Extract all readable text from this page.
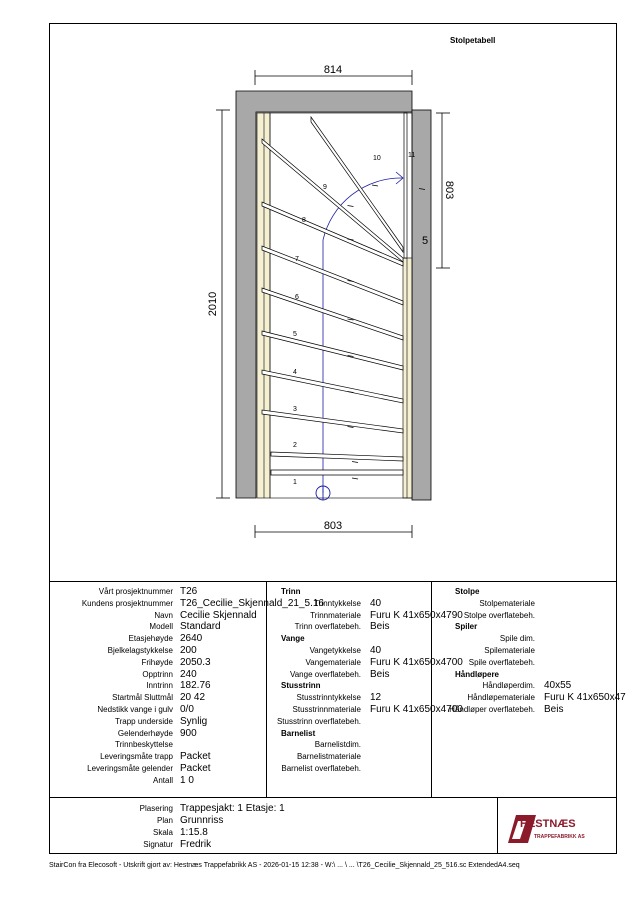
Stolpetabell
814
803
2010
803
1
2
3
4
5
6
7
8
9
10	11
5
Vårt prosjektnummer T26
Kundens prosjektnummer T26_Cecilie_Skjennald_21_5.16
Navn Cecilie Skjennald
Modell Standard
Etasjehøyde 2640
Bjelkelagstykkelse 200
Frihøyde 2050.3
Opptrinn 240
Inntrinn 182.76
Startmål Sluttmål 20 42
Nedstikk vange i gulv 0/0
Trapp underside Synlig
Gelenderhøyde 900
Trinnbeskyttelse
Leveringsmåte trapp Packet
Leveringsmåte gelender Packet
Antall 1 0
Trinn
Trinntykkelse 40
Trinnmateriale Furu K 41x650x4790
Trinn overflatebeh. Beis
Vange
Vangetykkelse 40
Vangemateriale Furu K 41x650x4700
Vange overflatebeh. Beis
Stusstrinn
Stusstrinntykkelse 12
Stusstrinnmateriale Furu K 41x650x4700
Stusstrinn overflatebeh.
Barnelist
Barnelistdim.
Barnelistmateriale
Barnelist overflatebeh.
Stolpe
Stolpemateriale
Stolpe overflatebeh.
Spiler
Spile dim.
Spilemateriale
Spile overflatebeh.
Håndløpere
Håndløperdim. 40x55
Håndløpemateriale Furu K 41x650x47
Håndløper overflatebeh. Beis
Plasering Trappesjakt: 1 Etasje: 1
Plan Grunnriss
Skala 1:15.8
Signatur Fredrik
HESTNÆS
TRAPPEFABRIKK AS
StairCon fra Elecosoft - Utskrift gjort av: Hestnæs Trappefabrikk AS - 2026-01-15 12:38 - W:\ ... \ ... \T26_Cecilie_Skjennald_25_516.sc ExtendedA4.seq
